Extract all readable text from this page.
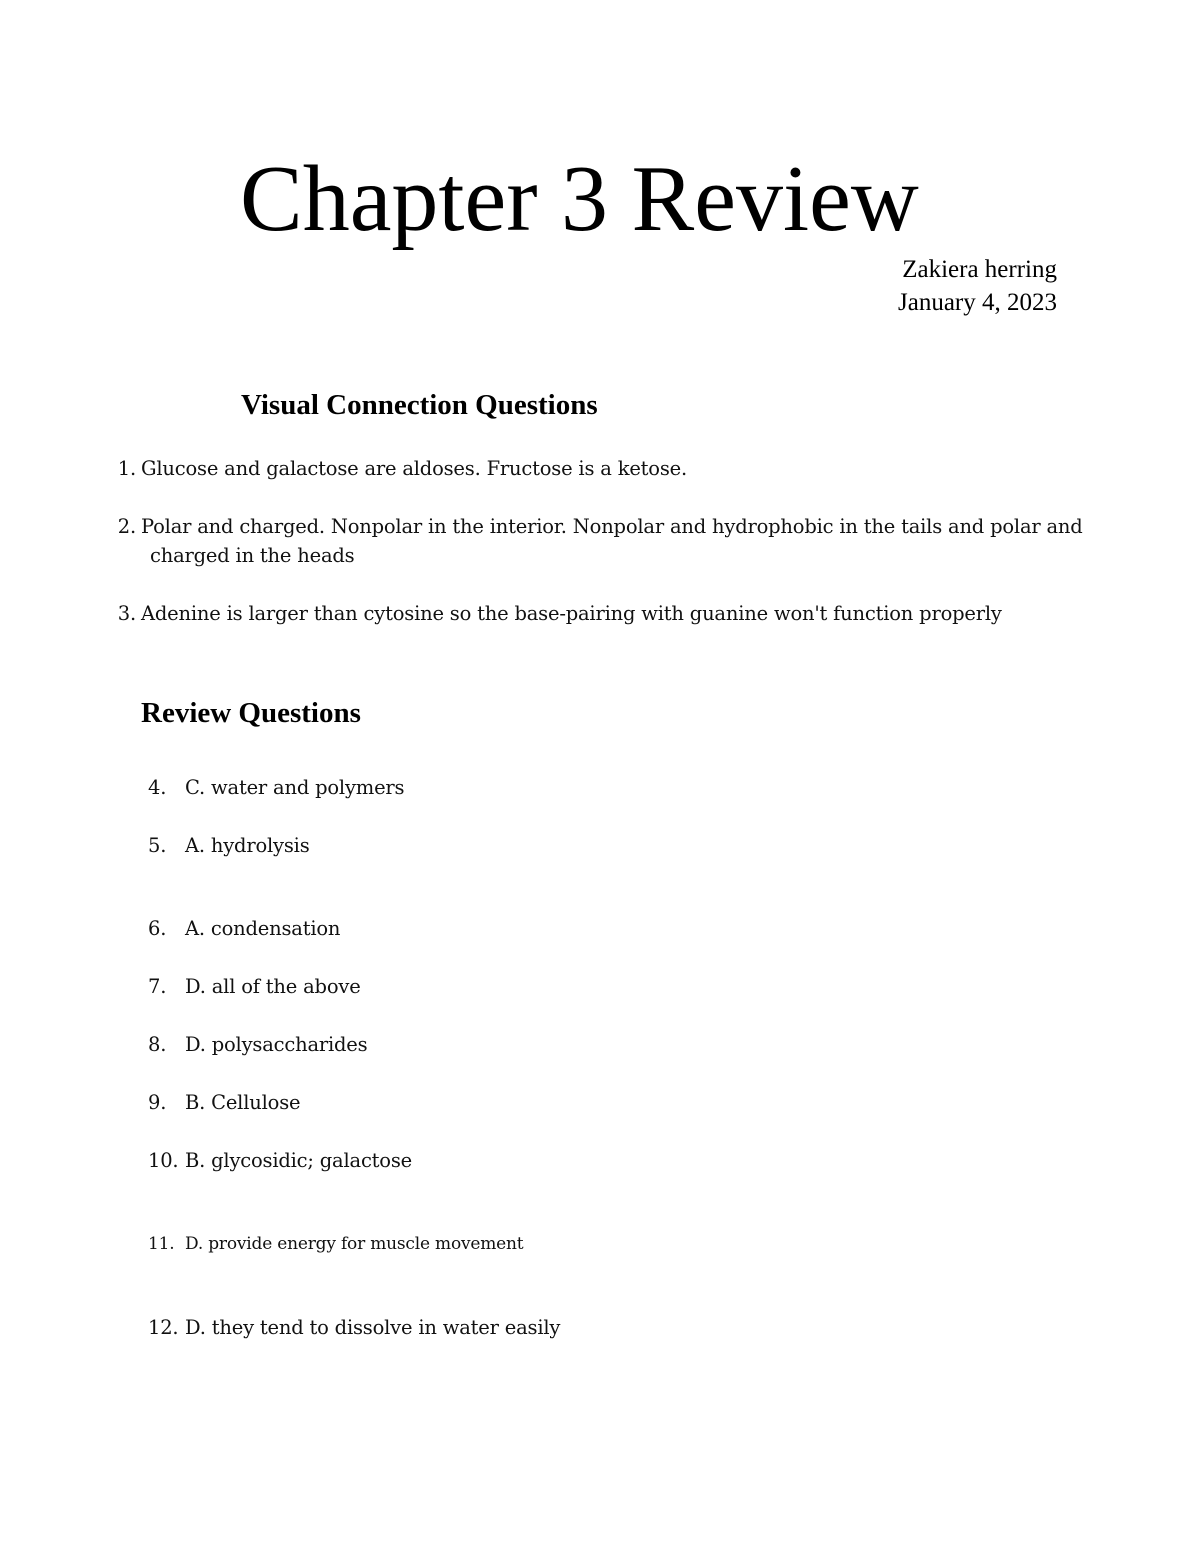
Chapter 3 Review
Zakiera herring
January 4, 2023
Visual Connection Questions
1. Glucose and galactose are aldoses. Fructose is a ketose.
2. Polar and charged. Nonpolar in the interior. Nonpolar and hydrophobic in the tails and polar and
charged in the heads
3. Adenine is larger than cytosine so the base-pairing with guanine won't function properly
Review Questions
4. C. water and polymers
5. A. hydrolysis
6. A. condensation
7. D. all of the above
8. D. polysaccharides
9. B. Cellulose
10. B. glycosidic; galactose
11. D. provide energy for muscle movement
12. D. they tend to dissolve in water easily
